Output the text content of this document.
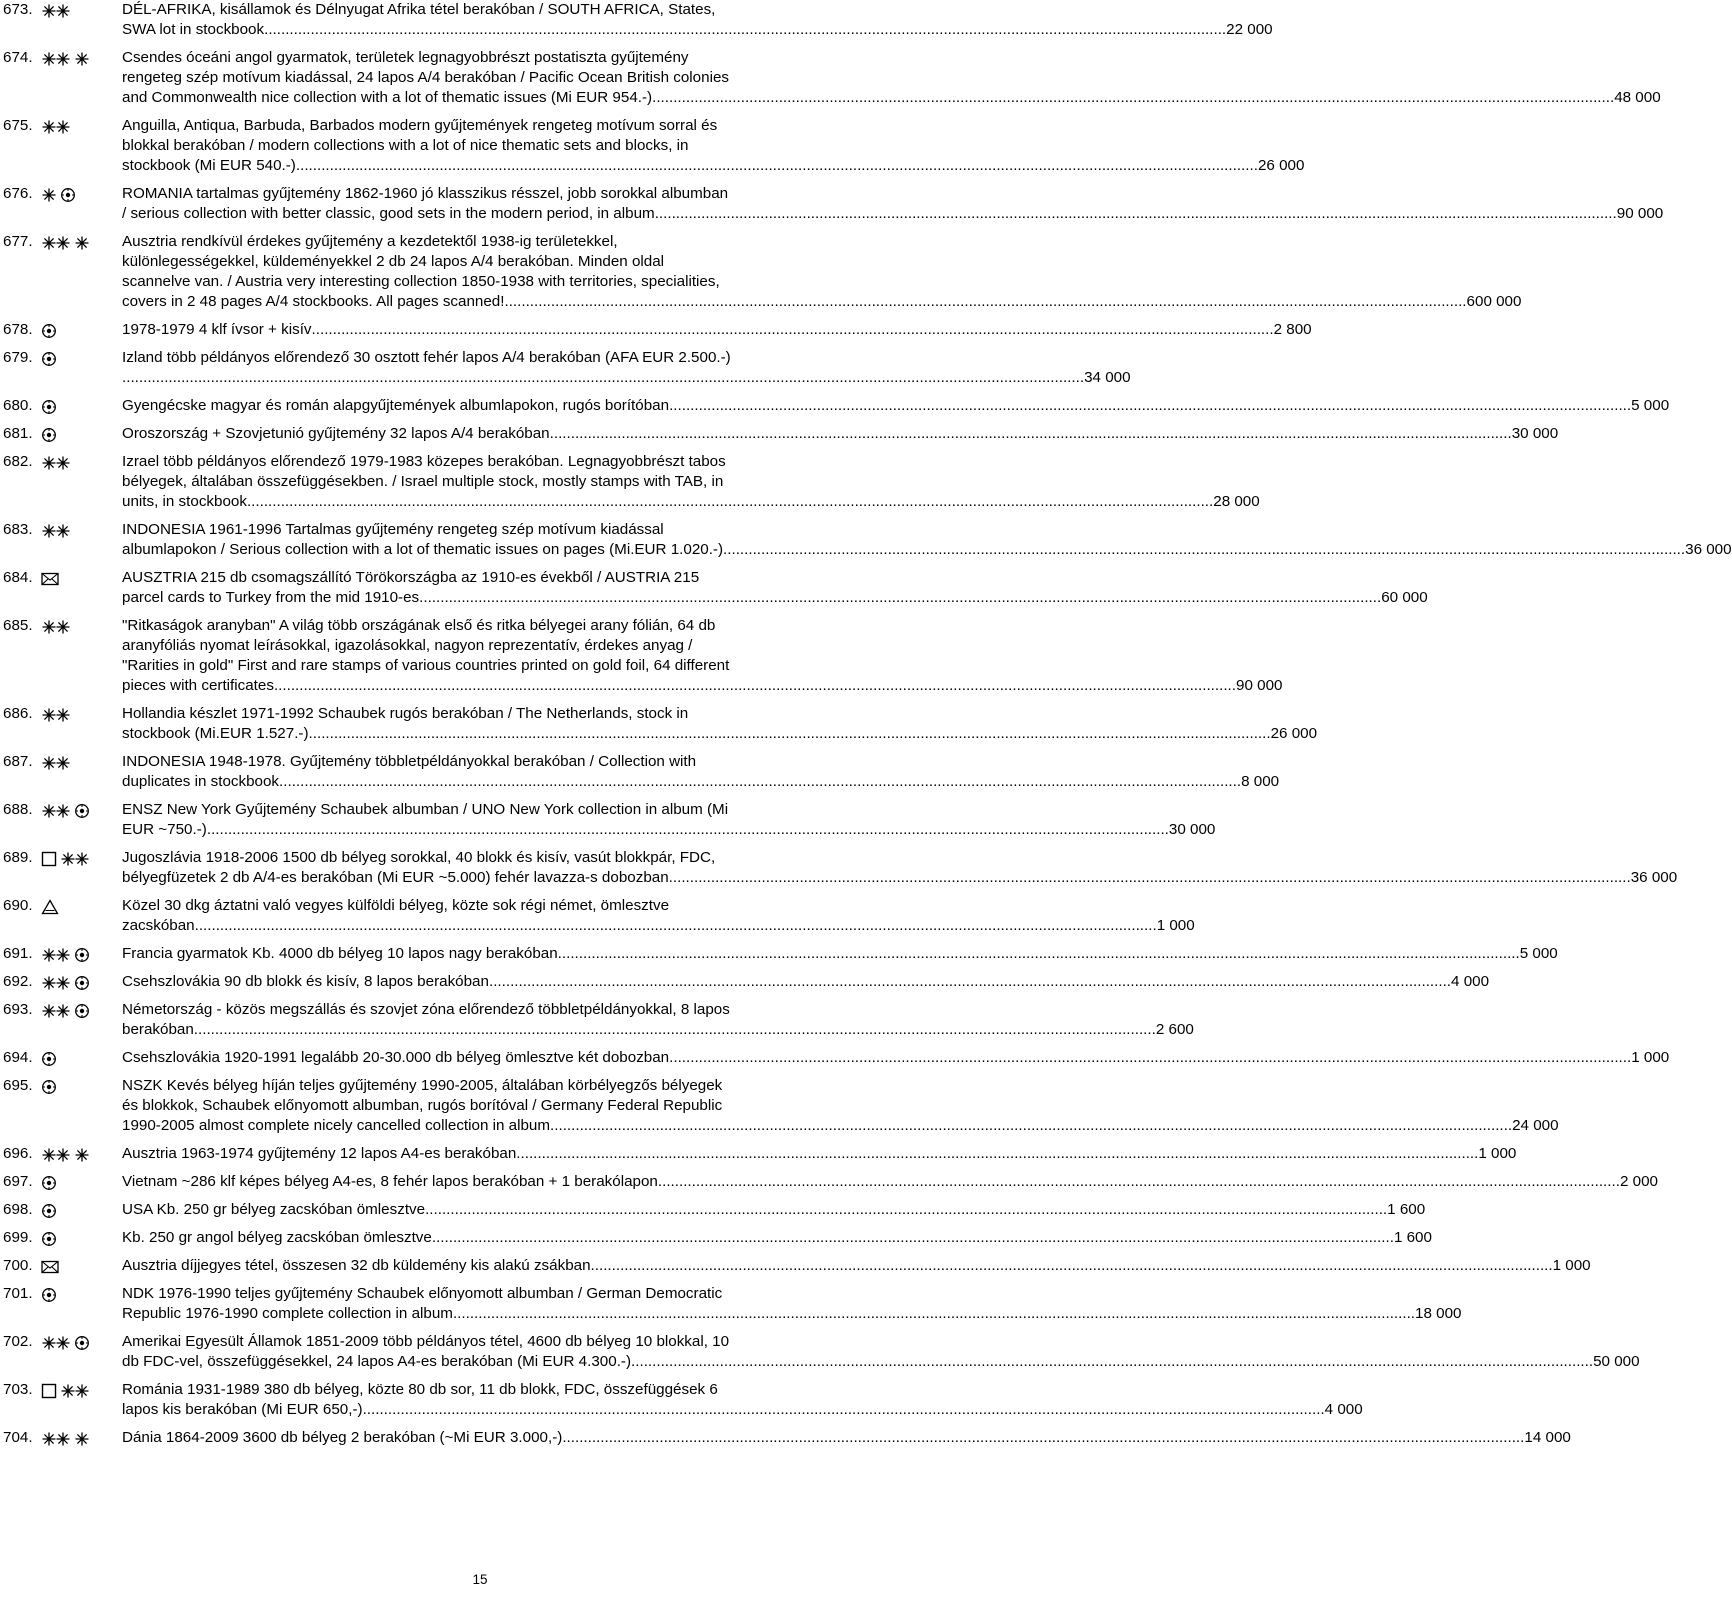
673.	DÉL-AFRIKA, kisállamok és Délnyugat Afrika tétel berakóban / SOUTH AFRICA, States,
SWA lot in stockbook .................................................................................................................................................................................................................................... 22 000
674.	Csendes óceáni angol gyarmatok, területek legnagyobbrészt postatiszta gyűjtemény
rengeteg szép motívum kiadással, 24 lapos A/4 berakóban / Pacific Ocean British colonies
and Commonwealth nice collection with a lot of thematic issues (Mi EUR 954.-) .................................................................................................................................................................................................................................... 48 000
675.	Anguilla, Antiqua, Barbuda, Barbados modern gyűjtemények rengeteg motívum sorral és
blokkal berakóban / modern collections with a lot of nice thematic sets and blocks, in
stockbook (Mi EUR 540.-) .................................................................................................................................................................................................................................... 26 000
676.	ROMANIA tartalmas gyűjtemény 1862-1960 jó klasszikus résszel, jobb sorokkal albumban
/ serious collection with better classic, good sets in the modern period, in album .................................................................................................................................................................................................................................... 90 000
677.	Ausztria rendkívül érdekes gyűjtemény a kezdetektől 1938-ig területekkel,
különlegességekkel, küldeményekkel 2 db 24 lapos A/4 berakóban. Minden oldal
scannelve van. / Austria very interesting collection 1850-1938 with territories, specialities,
covers in 2 48 pages A/4 stockbooks. All pages scanned! .................................................................................................................................................................................................................................... 600 000
678.	1978-1979 4 klf ívsor + kisív .................................................................................................................................................................................................................................... 2 800
679.	Izland több példányos előrendező 30 osztott fehér lapos A/4 berakóban (AFA EUR 2.500.-)
.................................................................................................................................................................................................................................... 34 000
680.	Gyengécske magyar és román alapgyűjtemények albumlapokon, rugós borítóban .................................................................................................................................................................................................................................... 5 000
681.	Oroszország + Szovjetunió gyűjtemény 32 lapos A/4 berakóban .................................................................................................................................................................................................................................... 30 000
682.	Izrael több példányos előrendező 1979-1983 közepes berakóban. Legnagyobbrészt tabos
bélyegek, általában összefüggésekben. / Israel multiple stock, mostly stamps with TAB, in
units, in stockbook. .................................................................................................................................................................................................................................... 28 000
683.	INDONESIA 1961-1996 Tartalmas gyűjtemény rengeteg szép motívum kiadással
albumlapokon / Serious collection with a lot of thematic issues on pages (Mi.EUR 1.020.-) .................................................................................................................................................................................................................................... 36 000
684.	AUSZTRIA 215 db csomagszállító Törökországba az 1910-es évekből / AUSTRIA 215
parcel cards to Turkey from the mid 1910-es .................................................................................................................................................................................................................................... 60 000
685.	"Ritkaságok aranyban" A világ több országának első és ritka bélyegei arany fólián, 64 db
aranyfóliás nyomat leírásokkal, igazolásokkal, nagyon reprezentatív, érdekes anyag /
"Rarities in gold" First and rare stamps of various countries printed on gold foil, 64 different
pieces with certificates .................................................................................................................................................................................................................................... 90 000
686.	Hollandia készlet 1971-1992 Schaubek rugós berakóban / The Netherlands, stock in
stockbook (Mi.EUR 1.527.-) .................................................................................................................................................................................................................................... 26 000
687.	INDONESIA 1948-1978. Gyűjtemény többletpéldányokkal berakóban / Collection with
duplicates in stockbook .................................................................................................................................................................................................................................... 8 000
688.	ENSZ New York Gyűjtemény Schaubek albumban / UNO New York collection in album (Mi
EUR ~750.-) .................................................................................................................................................................................................................................... 30 000
689.	Jugoszlávia 1918-2006 1500 db bélyeg sorokkal, 40 blokk és kisív, vasút blokkpár, FDC,
bélyegfüzetek 2 db A/4-es berakóban (Mi EUR ~5.000) fehér lavazza-s dobozban .................................................................................................................................................................................................................................... 36 000
690.	Közel 30 dkg áztatni való vegyes külföldi bélyeg, közte sok régi német, ömlesztve
zacskóban .................................................................................................................................................................................................................................... 1 000
691.	Francia gyarmatok Kb. 4000 db bélyeg 10 lapos nagy berakóban .................................................................................................................................................................................................................................... 5 000
692.	Csehszlovákia 90 db blokk és kisív, 8 lapos berakóban .................................................................................................................................................................................................................................... 4 000
693.	Németország - közös megszállás és szovjet zóna előrendező többletpéldányokkal, 8 lapos
berakóban .................................................................................................................................................................................................................................... 2 600
694.	Csehszlovákia 1920-1991 legalább 20-30.000 db bélyeg ömlesztve két dobozban .................................................................................................................................................................................................................................... 1 000
695.	NSZK Kevés bélyeg híján teljes gyűjtemény 1990-2005, általában körbélyegzős bélyegek
és blokkok, Schaubek előnyomott albumban, rugós borítóval / Germany Federal Republic
1990-2005 almost complete nicely cancelled collection in album .................................................................................................................................................................................................................................... 24 000
696.	Ausztria 1963-1974 gyűjtemény 12 lapos A4-es berakóban .................................................................................................................................................................................................................................... 1 000
697.	Vietnam ~286 klf képes bélyeg A4-es, 8 fehér lapos berakóban + 1 berakólapon .................................................................................................................................................................................................................................... 2 000
698.	USA Kb. 250 gr bélyeg zacskóban ömlesztve .................................................................................................................................................................................................................................... 1 600
699.	Kb. 250 gr angol bélyeg zacskóban ömlesztve .................................................................................................................................................................................................................................... 1 600
700.	Ausztria díjjegyes tétel, összesen 32 db küldemény kis alakú zsákban .................................................................................................................................................................................................................................... 1 000
701.	NDK 1976-1990 teljes gyűjtemény Schaubek előnyomott albumban / German Democratic
Republic 1976-1990 complete collection in album .................................................................................................................................................................................................................................... 18 000
702.	Amerikai Egyesült Államok 1851-2009 több példányos tétel, 4600 db bélyeg 10 blokkal, 10
db FDC-vel, összefüggésekkel, 24 lapos A4-es berakóban (Mi EUR 4.300.-) .................................................................................................................................................................................................................................... 50 000
703.	Románia 1931-1989 380 db bélyeg, közte 80 db sor, 11 db blokk, FDC, összefüggések 6
lapos kis berakóban (Mi EUR 650,-) .................................................................................................................................................................................................................................... 4 000
704.	Dánia 1864-2009 3600 db bélyeg 2 berakóban (~Mi EUR 3.000,-) .................................................................................................................................................................................................................................... 14 000
15
